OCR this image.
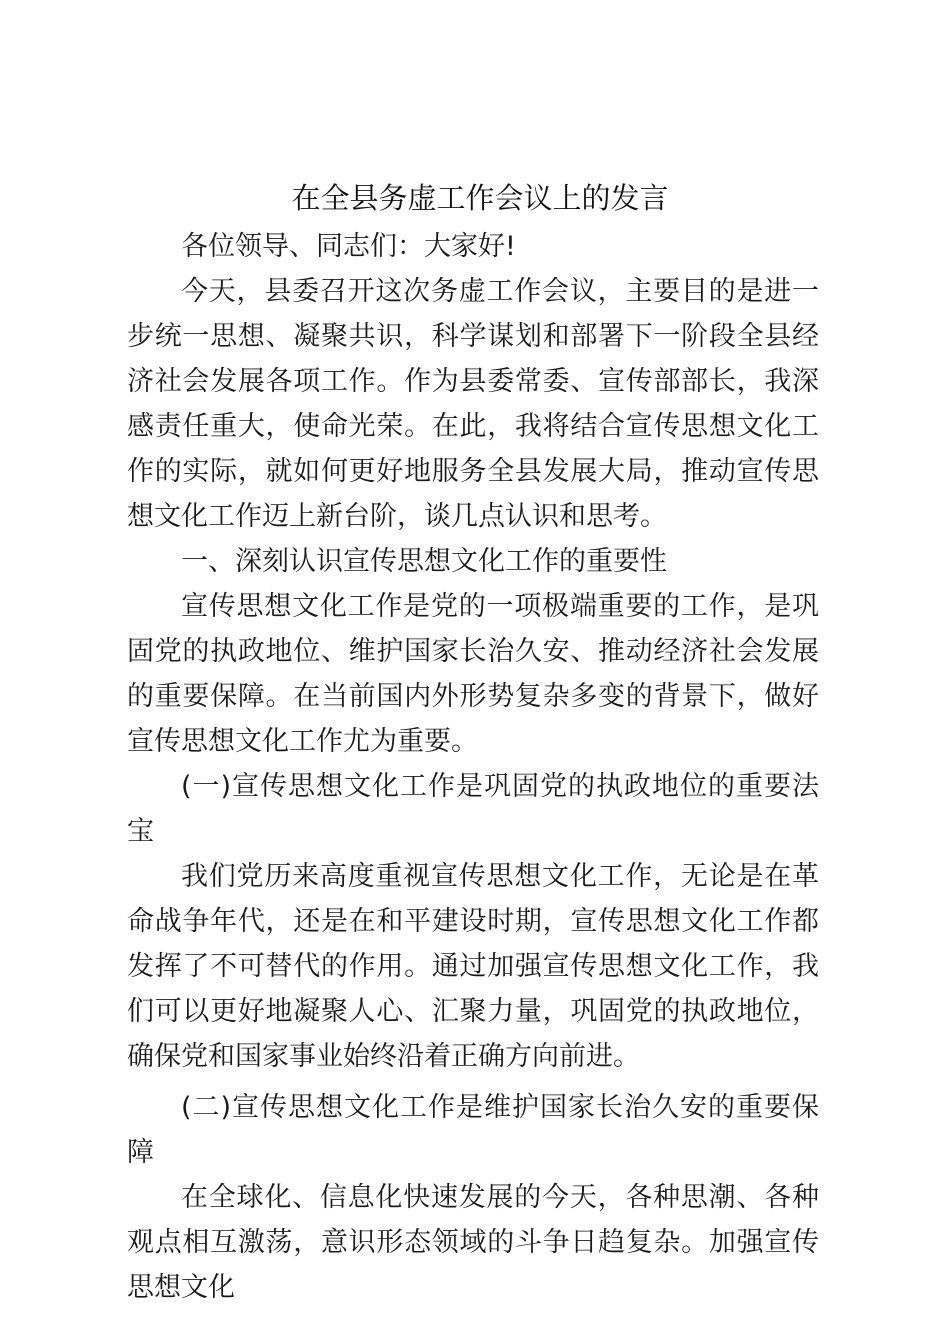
在全县务虚工作会议上的发言

各位领导、同志们：大家好!

今天，县委召开这次务虚工作会议，主要目的是进一步统一思想、凝聚共识，科学谋划和部署下一阶段全县经济社会发展各项工作。作为县委常委、宣传部部长，我深感责任重大，使命光荣。在此，我将结合宣传思想文化工作的实际，就如何更好地服务全县发展大局，推动宣传思想文化工作迈上新台阶，谈几点认识和思考。

一、深刻认识宣传思想文化工作的重要性

宣传思想文化工作是党的一项极端重要的工作，是巩固党的执政地位、维护国家长治久安、推动经济社会发展的重要保障。在当前国内外形势复杂多变的背景下，做好宣传思想文化工作尤为重要。

(一)宣传思想文化工作是巩固党的执政地位的重要法宝

我们党历来高度重视宣传思想文化工作，无论是在革命战争年代，还是在和平建设时期，宣传思想文化工作都发挥了不可替代的作用。通过加强宣传思想文化工作，我们可以更好地凝聚人心、汇聚力量，巩固党的执政地位，确保党和国家事业始终沿着正确方向前进。

(二)宣传思想文化工作是维护国家长治久安的重要保障

在全球化、信息化快速发展的今天，各种思潮、各种观点相互激荡，意识形态领域的斗争日趋复杂。加强宣传思想文化
